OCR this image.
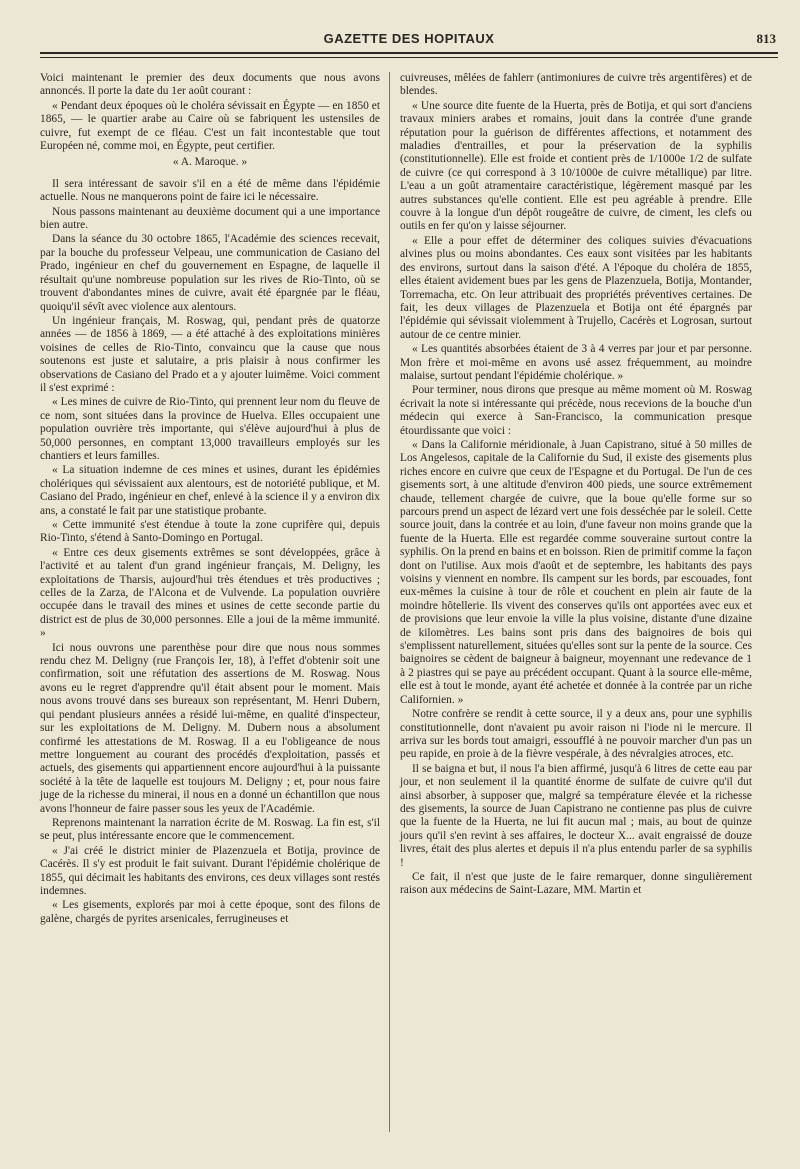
GAZETTE DES HOPITAUX	813

Voici maintenant le premier des deux documents que nous avons annoncés. Il porte la date du 1er août courant :

« Pendant deux époques où le choléra sévissait en Égypte — en 1850 et 1865, — le quartier arabe au Caire où se fabriquent les ustensiles de cuivre, fut exempt de ce fléau. C'est un fait incontestable que tout Européen né, comme moi, en Égypte, peut certifier.

« A. Maroque. »

Il sera intéressant de savoir s'il en a été de même dans l'épidémie actuelle. Nous ne manquerons point de faire ici le nécessaire.

Nous passons maintenant au deuxième document qui a une importance bien autre.

Dans la séance du 30 octobre 1865, l'Académie des sciences recevait, par la bouche du professeur Velpeau, une communication de Casiano del Prado, ingénieur en chef du gouvernement en Espagne, de laquelle il résultait qu'une nombreuse population sur les rives de Rio-Tinto, où se trouvent d'abondantes mines de cuivre, avait été épargnée par le fléau, quoiqu'il sévît avec violence aux alentours.

Un ingénieur français, M. Roswag, qui, pendant près de quatorze années — de 1856 à 1869, — a été attaché à des exploitations minières voisines de celles de Rio-Tinto, convaincu que la cause que nous soutenons est juste et salutaire, a pris plaisir à nous confirmer les observations de Casiano del Prado et a y ajouter luimême. Voici comment il s'est exprimé :

« Les mines de cuivre de Rio-Tinto, qui prennent leur nom du fleuve de ce nom, sont situées dans la province de Huelva. Elles occupaient une population ouvrière très importante, qui s'élève aujourd'hui à plus de 50,000 personnes, en comptant 13,000 travailleurs employés sur les chantiers et leurs familles.

« La situation indemne de ces mines et usines, durant les épidémies cholériques qui sévissaient aux alentours, est de notoriété publique, et M. Casiano del Prado, ingénieur en chef, enlevé à la science il y a environ dix ans, a constaté le fait par une statistique probante.

« Cette immunité s'est étendue à toute la zone cuprifère qui, depuis Rio-Tinto, s'étend à Santo-Domingo en Portugal.

« Entre ces deux gisements extrêmes se sont développées, grâce à l'activité et au talent d'un grand ingénieur français, M. Deligny, les exploitations de Tharsis, aujourd'hui très étendues et très productives ; celles de la Zarza, de l'Alcona et de Vulvende. La population ouvrière occupée dans le travail des mines et usines de cette seconde partie du district est de plus de 30,000 personnes. Elle a joui de la même immunité. »

Ici nous ouvrons une parenthèse pour dire que nous nous sommes rendu chez M. Deligny (rue François Ier, 18), à l'effet d'obtenir soit une confirmation, soit une réfutation des assertions de M. Roswag. Nous avons eu le regret d'apprendre qu'il était absent pour le moment. Mais nous avons trouvé dans ses bureaux son représentant, M. Henri Dubern, qui pendant plusieurs années a résidé lui-même, en qualité d'inspecteur, sur les exploitations de M. Deligny. M. Dubern nous a absolument confirmé les attestations de M. Roswag. Il a eu l'obligeance de nous mettre longuement au courant des procédés d'exploitation, passés et actuels, des gisements qui appartiennent encore aujourd'hui à la puissante société à la tête de laquelle est toujours M. Deligny ; et, pour nous faire juge de la richesse du minerai, il nous en a donné un échantillon que nous avons l'honneur de faire passer sous les yeux de l'Académie.

Reprenons maintenant la narration écrite de M. Roswag. La fin est, s'il se peut, plus intéressante encore que le commencement.

« J'ai créé le district minier de Plazenzuela et Botija, province de Cacérès. Il s'y est produit le fait suivant. Durant l'épidémie cholérique de 1855, qui décimait les habitants des environs, ces deux villages sont restés indemnes.

« Les gisements, explorés par moi à cette époque, sont des filons de galène, chargés de pyrites arsenicales, ferrugineuses et

cuivreuses, mêlées de fahlerr (antimoniures de cuivre très argentifères) et de blendes.

« Une source dite fuente de la Huerta, près de Botija, et qui sort d'anciens travaux miniers arabes et romains, jouit dans la contrée d'une grande réputation pour la guérison de différentes affections, et notamment des maladies d'entrailles, et pour la préservation de la syphilis (constitutionnelle). Elle est froide et contient près de 1/1000e 1/2 de sulfate de cuivre (ce qui correspond à 3 10/1000e de cuivre métallique) par litre. L'eau a un goût atramentaire caractéristique, légèrement masqué par les autres substances qu'elle contient. Elle est peu agréable à prendre. Elle couvre à la longue d'un dépôt rougeâtre de cuivre, de ciment, les clefs ou outils en fer qu'on y laisse séjourner.

« Elle a pour effet de déterminer des coliques suivies d'évacuations alvines plus ou moins abondantes. Ces eaux sont visitées par les habitants des environs, surtout dans la saison d'été. A l'époque du choléra de 1855, elles étaient avidement bues par les gens de Plazenzuela, Botija, Montander, Torremacha, etc. On leur attribuait des propriétés préventives certaines. De fait, les deux villages de Plazenzuela et Botija ont été épargnés par l'épidémie qui sévissait violemment à Trujello, Cacérès et Logrosan, surtout autour de ce centre minier.

« Les quantités absorbées étaient de 3 à 4 verres par jour et par personne. Mon frère et moi-même en avons usé assez fréquemment, au moindre malaise, surtout pendant l'épidémie cholérique. »

Pour terminer, nous dirons que presque au même moment où M. Roswag écrivait la note si intéressante qui précède, nous recevions de la bouche d'un médecin qui exerce à San-Francisco, la communication presque étourdissante que voici :

« Dans la Californie méridionale, à Juan Capistrano, situé à 50 milles de Los Angelesos, capitale de la Californie du Sud, il existe des gisements plus riches encore en cuivre que ceux de l'Espagne et du Portugal. De l'un de ces gisements sort, à une altitude d'environ 400 pieds, une source extrêmement chaude, tellement chargée de cuivre, que la boue qu'elle forme sur so parcours prend un aspect de lézard vert une fois desséchée par le soleil. Cette source jouit, dans la contrée et au loin, d'une faveur non moins grande que la fuente de la Huerta. Elle est regardée comme souveraine surtout contre la syphilis. On la prend en bains et en boisson. Rien de primitif comme la façon dont on l'utilise. Aux mois d'août et de septembre, les habitants des pays voisins y viennent en nombre. Ils campent sur les bords, par escouades, font eux-mêmes la cuisine à tour de rôle et couchent en plein air faute de la moindre hôtellerie. Ils vivent des conserves qu'ils ont apportées avec eux et de provisions que leur envoie la ville la plus voisine, distante d'une dizaine de kilomètres. Les bains sont pris dans des baignoires de bois qui s'emplissent naturellement, situées qu'elles sont sur la pente de la source. Ces baignoires se cèdent de baigneur à baigneur, moyennant une redevance de 1 à 2 piastres qui se paye au précédent occupant. Quant à la source elle-même, elle est à tout le monde, ayant été achetée et donnée à la contrée par un riche Californien. »

Notre confrère se rendit à cette source, il y a deux ans, pour une syphilis constitutionnelle, dont n'avaient pu avoir raison ni l'iode ni le mercure. Il arriva sur les bords tout amaigri, essoufflé à ne pouvoir marcher d'un pas un peu rapide, en proie à de la fièvre vespérale, à des névralgies atroces, etc.

Il se baigna et but, il nous l'a bien affirmé, jusqu'à 6 litres de cette eau par jour, et non seulement il la quantité énorme de sulfate de cuivre qu'il dut ainsi absorber, à supposer que, malgré sa température élevée et la richesse des gisements, la source de Juan Capistrano ne contienne pas plus de cuivre que la fuente de la Huerta, ne lui fit aucun mal ; mais, au bout de quinze jours qu'il s'en revint à ses affaires, le docteur X... avait engraissé de douze livres, était des plus alertes et depuis il n'a plus entendu parler de sa syphilis !

Ce fait, il n'est que juste de le faire remarquer, donne singulièrement raison aux médecins de Saint-Lazare, MM. Martin et
